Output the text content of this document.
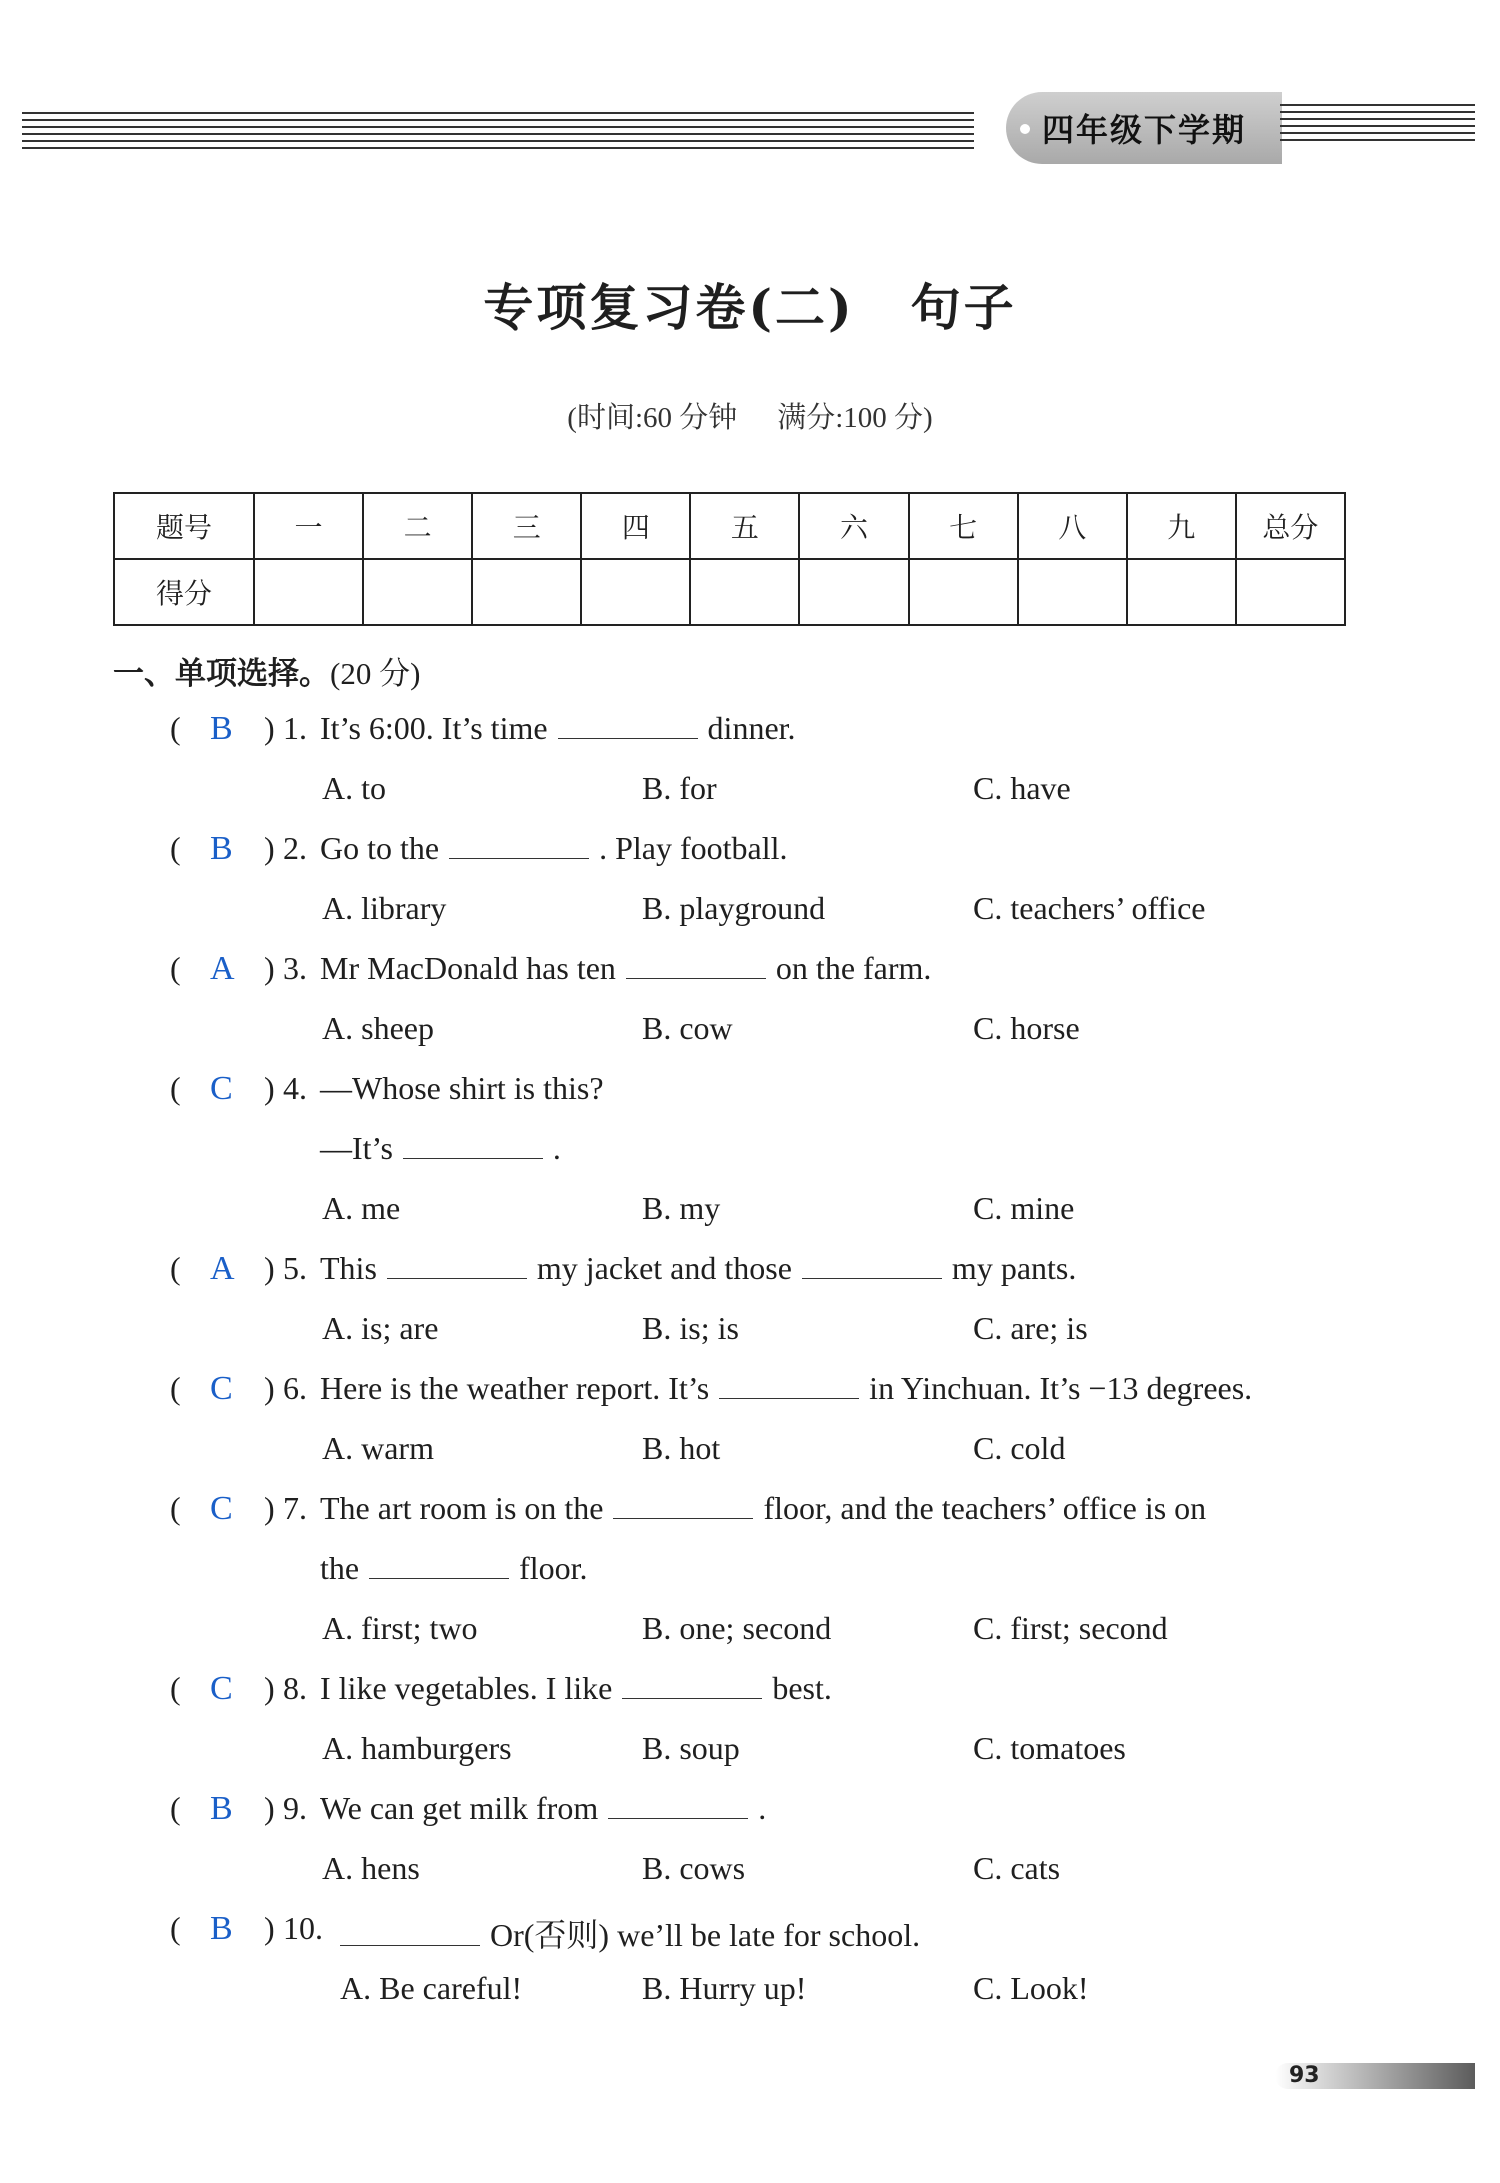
四年级下学期
专项复习卷(二) 句子
(时间:60 分钟 满分:100 分)
题号	一	二	三	四	五	六	七	八	九	总分
得分										
一、单项选择。(20 分)
( B ) 1. It’s 6:00. It’s time	dinner.
A. to	B. for	C. have
( B ) 2. Go to the	. Play football.
A. library	B. playground	C. teachers’ office
( A ) 3. Mr MacDonald has ten	on the farm.
A. sheep	B. cow	C. horse
( C ) 4. —Whose shirt is this?
—It’s	.
A. me	B. my	C. mine
( A ) 5. This	my jacket and those	my pants.
A. is; are	B. is; is	C. are; is
( C ) 6. Here is the weather report. It’s	in Yinchuan. It’s −13 degrees.
A. warm	B. hot	C. cold
( C ) 7. The art room is on the	floor, and the teachers’ office is on
the	floor.
A. first; two	B. one; second	C. first; second
( C ) 8. I like vegetables. I like	best.
A. hamburgers	B. soup	C. tomatoes
( B ) 9. We can get milk from	.
A. hens	B. cows	C. cats
( B ) 10.	Or(否则) we’ll be late for school.
A. Be careful!	B. Hurry up!	C. Look!
93
